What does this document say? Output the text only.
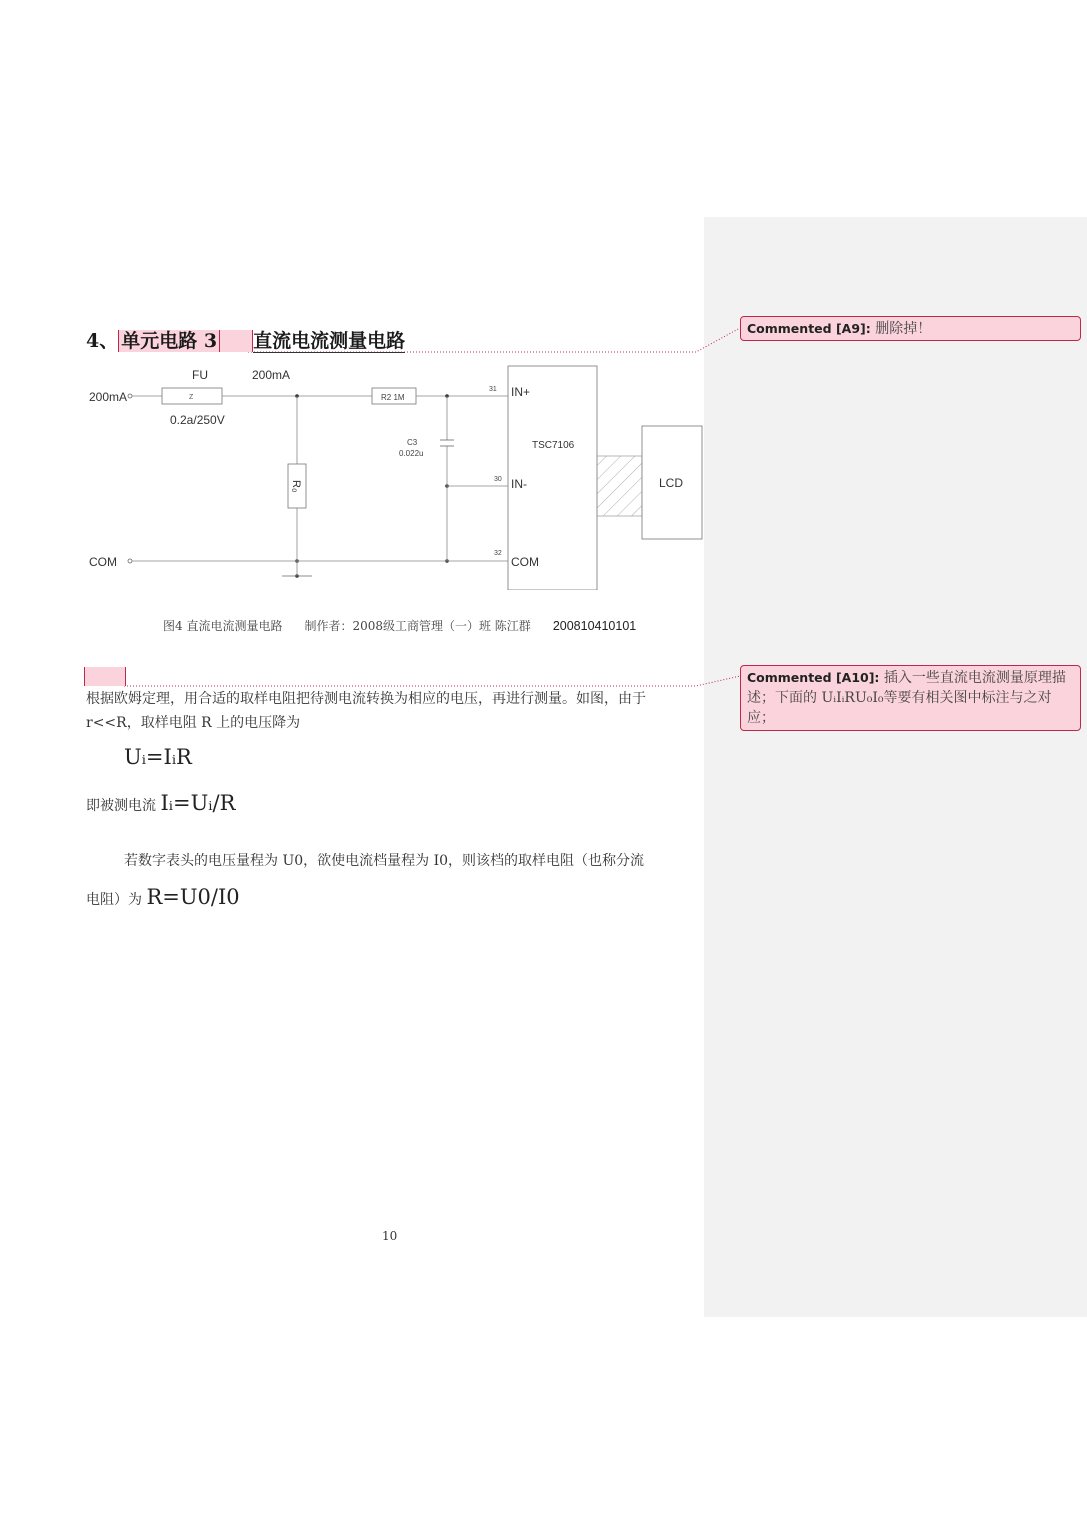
4、 单元电路 3 直流电流测量电路
200mA
FU	200mA
Z
0.2a/250V
R2 1M
C3
0.022u
R₀
COM
31
30
32
IN+
IN-
COM
TSC7106
LCD
图4 直流电流测量电路 制作者：2008级工商管理（一）班 陈江群 200810410101
根据欧姆定理，用合适的取样电阻把待测电流转换为相应的电压，再进行测量。如图，由于 r<<R，取样电阻 R 上的电压降为
Uᵢ=IᵢR
即被测电流 Iᵢ=Uᵢ/R
若数字表头的电压量程为 U0，欲使电流档量程为 I0，则该档的取样电阻（也称分流
电阻）为 R=U0/I0
10
Commented [A9]: 删除掉！
Commented [A10]: 插入一些直流电流测量原理描述；下面的 UᵢIᵢRU₀I₀等要有相关图中标注与之对应；
